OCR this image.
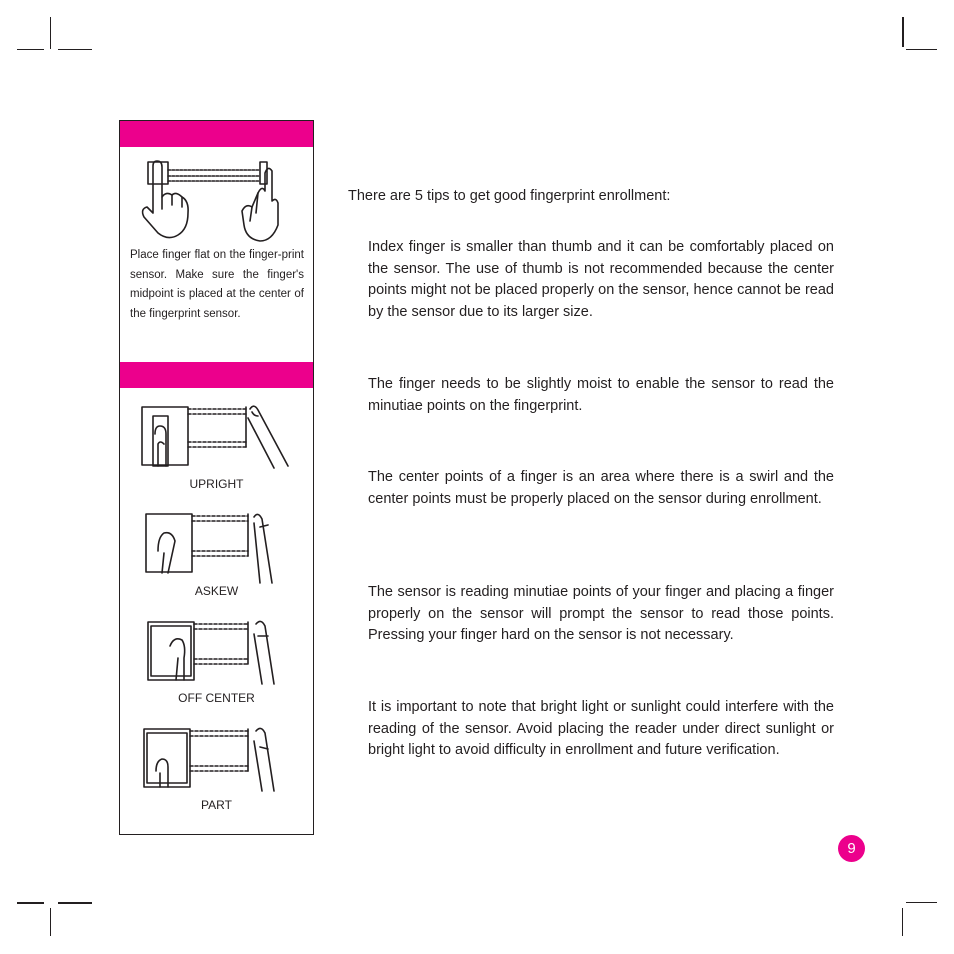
Place finger flat on the finger-print sensor. Make sure the finger's midpoint is placed at the center of the fingerprint sensor.

UPRIGHT
ASKEW
OFF CENTER
PART

There are 5 tips to get good fingerprint enrollment:

Index finger is smaller than thumb and it can be comfortably placed on the sensor. The use of thumb is not recommended because the center points might not be placed properly on the sensor, hence cannot be read by the sensor due to its larger size.

The finger needs to be slightly moist to enable the sensor to read the minutiae points on the fingerprint.

The center points of a finger is an area where there is a swirl and the center points must be properly placed on the sensor during enrollment.

The sensor is reading minutiae points of your finger and placing a finger properly on the sensor will prompt the sensor to read those points. Pressing your finger hard on the sensor is not necessary.

It is important to note that bright light or sunlight could interfere with the reading of the sensor. Avoid placing the reader under direct sunlight or bright light to avoid difficulty in enrollment and future verification.

9
